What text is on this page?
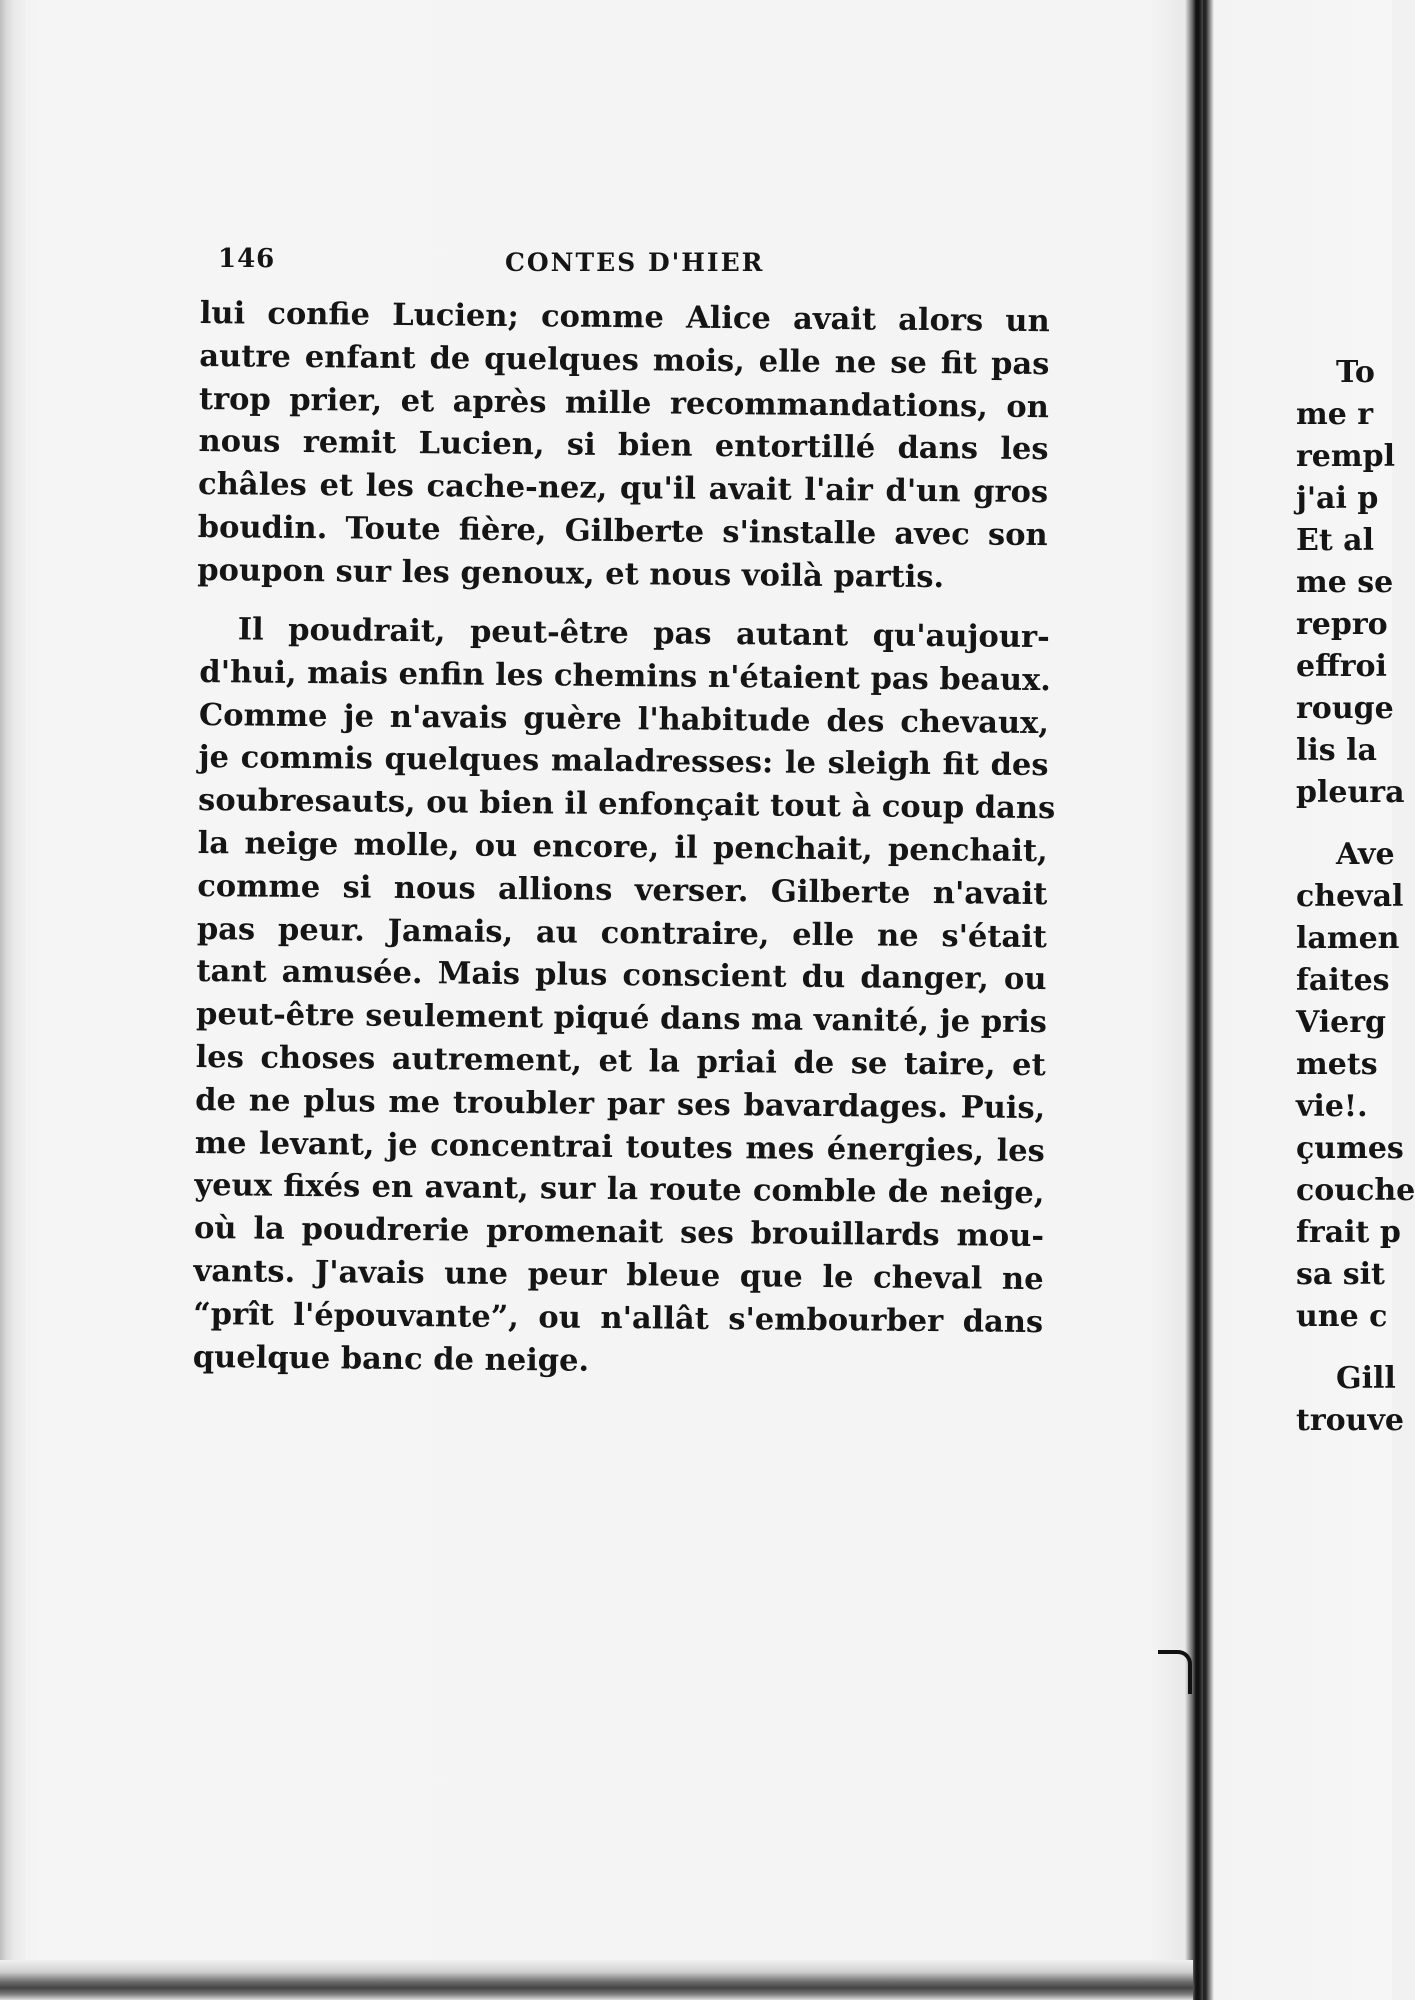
146	CONTES D'HIER
lui confie Lucien; comme Alice avait alors un
autre enfant de quelques mois, elle ne se fit pas
trop prier, et après mille recommandations, on
nous remit Lucien, si bien entortillé dans les
châles et les cache-nez, qu'il avait l'air d'un gros
boudin. Toute fière, Gilberte s'installe avec son
poupon sur les genoux, et nous voilà partis.
Il poudrait, peut-être pas autant qu'aujour-
d'hui, mais enfin les chemins n'étaient pas beaux.
Comme je n'avais guère l'habitude des chevaux,
je commis quelques maladresses: le sleigh fit des
soubresauts, ou bien il enfonçait tout à coup dans
la neige molle, ou encore, il penchait, penchait,
comme si nous allions verser. Gilberte n'avait
pas peur. Jamais, au contraire, elle ne s'était
tant amusée. Mais plus conscient du danger, ou
peut-être seulement piqué dans ma vanité, je pris
les choses autrement, et la priai de se taire, et
de ne plus me troubler par ses bavardages. Puis,
me levant, je concentrai toutes mes énergies, les
yeux fixés en avant, sur la route comble de neige,
où la poudrerie promenait ses brouillards mou-
vants. J'avais une peur bleue que le cheval ne
“prît l'épouvante”, ou n'allât s'embourber dans
quelque banc de neige.
To
me r
rempl
j'ai p
Et al
me se
repro
effroi
rouge
lis la
pleura
Ave
cheval
lamen
faites
Vierg
mets
vie!.
çumes
couche
frait p
sa sit
une c
Gill
trouve
